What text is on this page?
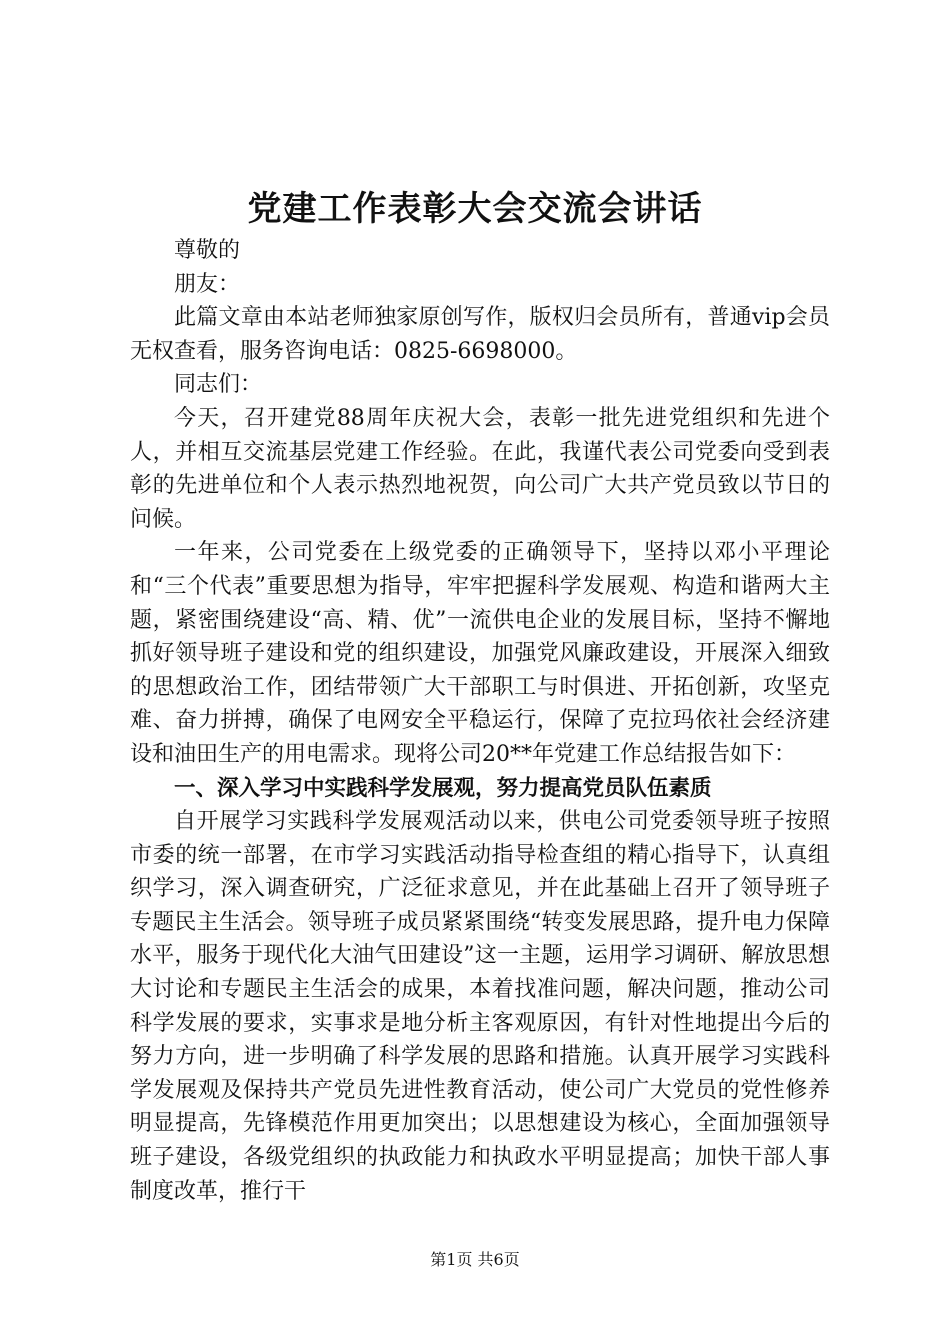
党建工作表彰大会交流会讲话

尊敬的

朋友：

此篇文章由本站老师独家原创写作，版权归会员所有，普通vip会员无权查看，服务咨询电话：0825-6698000。

同志们：

今天，召开建党88周年庆祝大会，表彰一批先进党组织和先进个人，并相互交流基层党建工作经验。在此，我谨代表公司党委向受到表彰的先进单位和个人表示热烈地祝贺，向公司广大共产党员致以节日的问候。

一年来，公司党委在上级党委的正确领导下，坚持以邓小平理论和“三个代表”重要思想为指导，牢牢把握科学发展观、构造和谐两大主题，紧密围绕建设“高、精、优”一流供电企业的发展目标，坚持不懈地抓好领导班子建设和党的组织建设，加强党风廉政建设，开展深入细致的思想政治工作，团结带领广大干部职工与时俱进、开拓创新，攻坚克难、奋力拼搏，确保了电网安全平稳运行，保障了克拉玛依社会经济建设和油田生产的用电需求。现将公司20**年党建工作总结报告如下：

一、深入学习中实践科学发展观，努力提高党员队伍素质

自开展学习实践科学发展观活动以来，供电公司党委领导班子按照市委的统一部署，在市学习实践活动指导检查组的精心指导下，认真组织学习，深入调查研究，广泛征求意见，并在此基础上召开了领导班子专题民主生活会。领导班子成员紧紧围绕“转变发展思路，提升电力保障水平，服务于现代化大油气田建设”这一主题，运用学习调研、解放思想大讨论和专题民主生活会的成果，本着找准问题，解决问题，推动公司科学发展的要求，实事求是地分析主客观原因，有针对性地提出今后的努力方向，进一步明确了科学发展的思路和措施。认真开展学习实践科学发展观及保持共产党员先进性教育活动，使公司广大党员的党性修养明显提高，先锋模范作用更加突出；以思想建设为核心，全面加强领导班子建设，各级党组织的执政能力和执政水平明显提高；加快干部人事制度改革，推行干

第1页 共6页
